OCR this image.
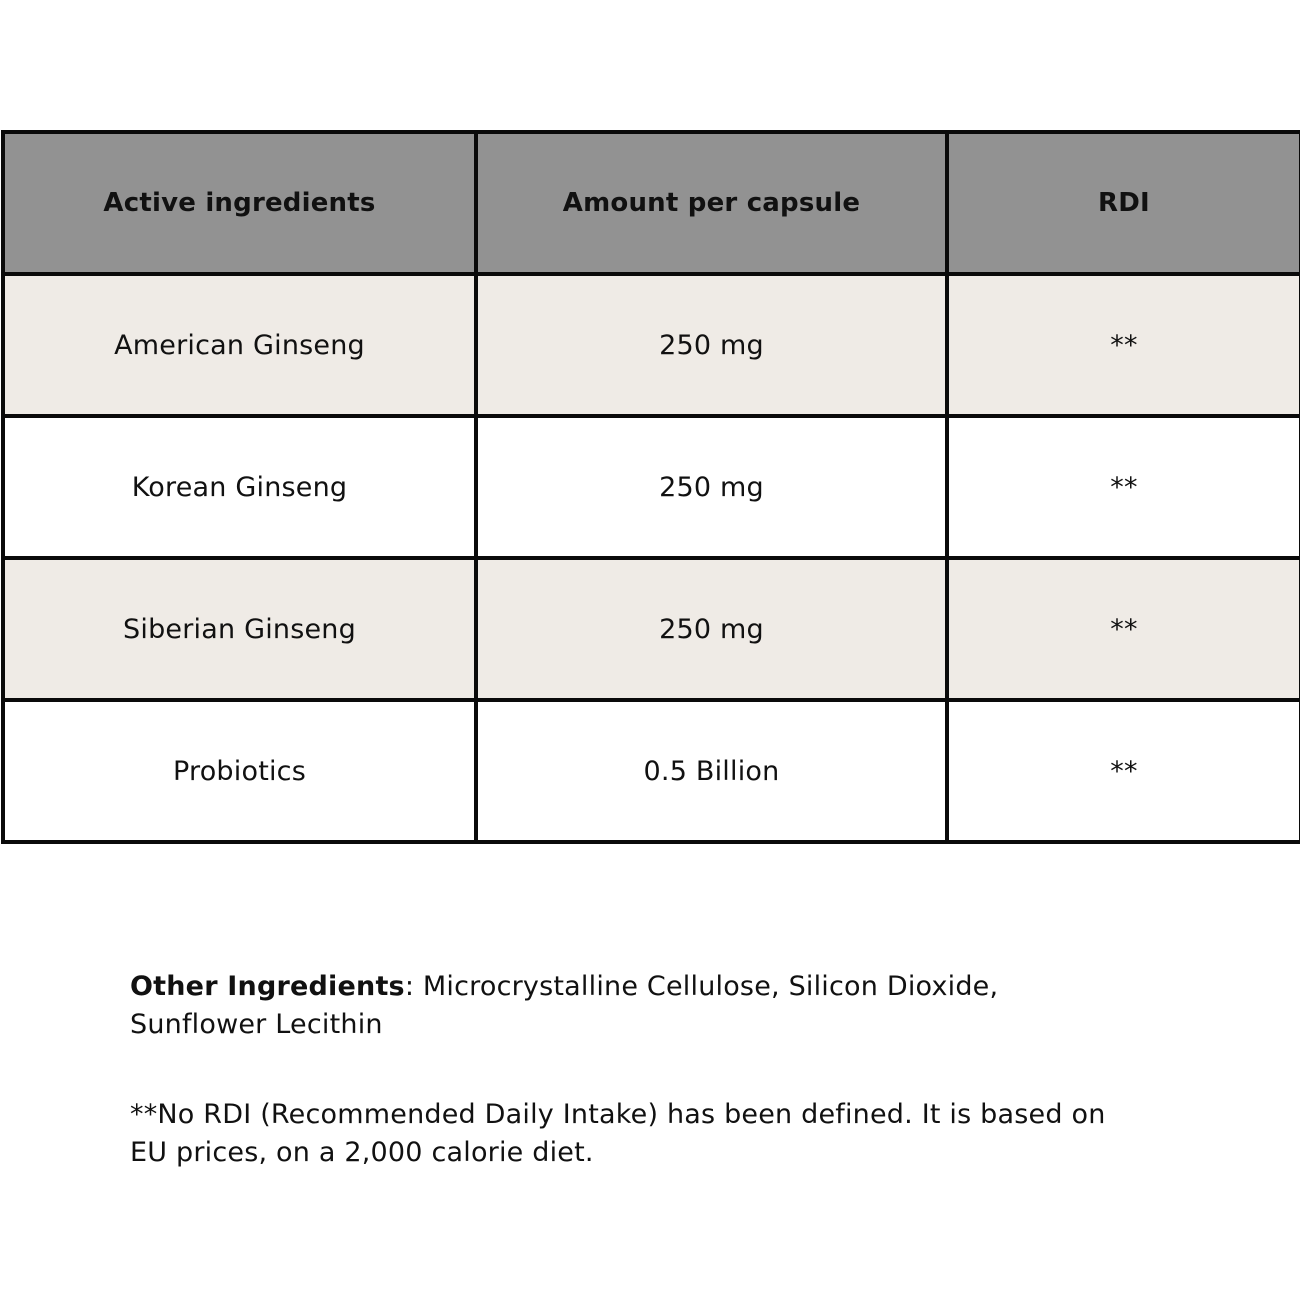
Active ingredients	Amount per capsule	RDI
American Ginseng	250 mg	**
Korean Ginseng	250 mg	**
Siberian Ginseng	250 mg	**
Probiotics	0.5 Billion	**

Other Ingredients: Microcrystalline Cellulose, Silicon Dioxide, Sunflower Lecithin

**No RDI (Recommended Daily Intake) has been defined. It is based on EU prices, on a 2,000 calorie diet.
